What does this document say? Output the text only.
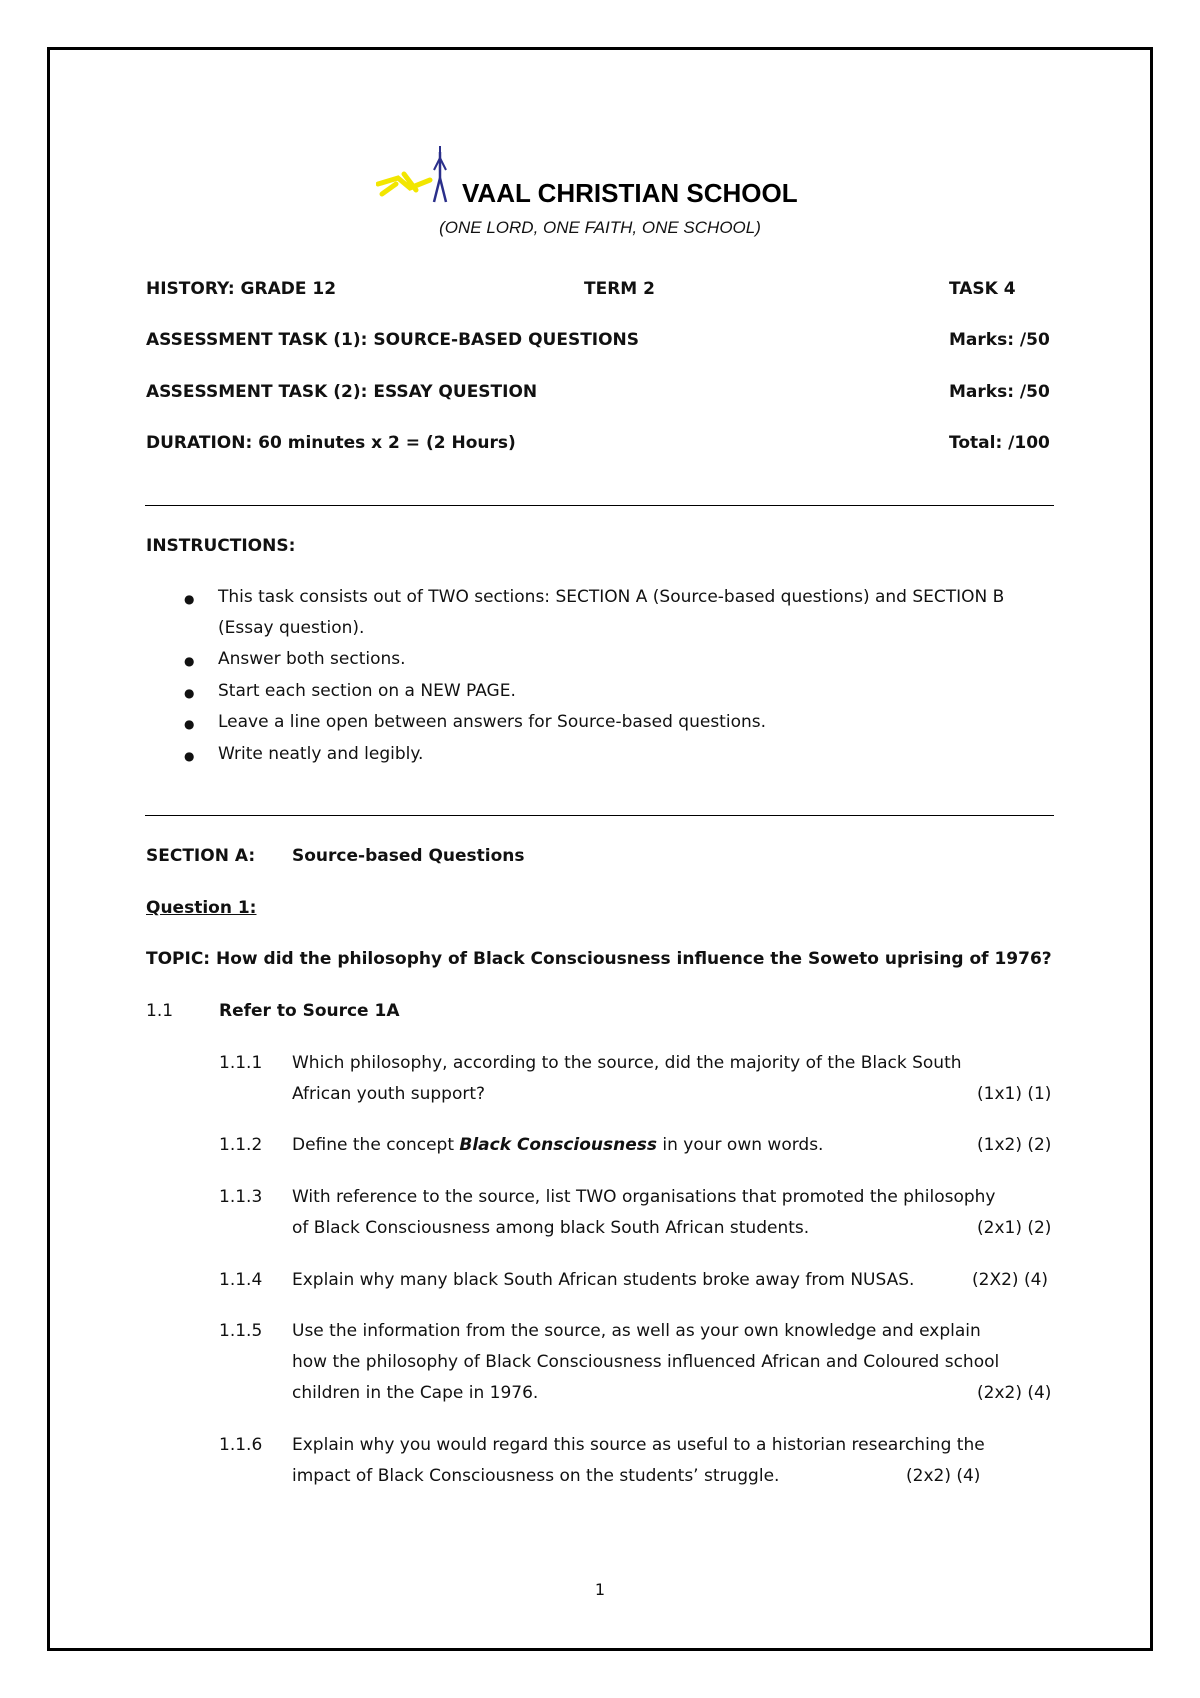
VAAL CHRISTIAN SCHOOL
(ONE LORD, ONE FAITH, ONE SCHOOL)
HISTORY: GRADE 12	TERM 2	TASK 4
ASSESSMENT TASK (1): SOURCE-BASED QUESTIONS	Marks: /50
ASSESSMENT TASK (2): ESSAY QUESTION	Marks: /50
DURATION: 60 minutes x 2 = (2 Hours)	Total: /100
INSTRUCTIONS:
● This task consists out of TWO sections: SECTION A (Source-based questions) and SECTION B
(Essay question).
● Answer both sections.
● Start each section on a NEW PAGE.
● Leave a line open between answers for Source-based questions.
● Write neatly and legibly.
SECTION A: Source-based Questions
Question 1:
TOPIC: How did the philosophy of Black Consciousness influence the Soweto uprising of 1976?
1.1	Refer to Source 1A
1.1.1 Which philosophy, according to the source, did the majority of the Black South
African youth support?	(1x1) (1)
1.1.2 Define the concept Black Consciousness in your own words.	(1x2) (2)
1.1.3 With reference to the source, list TWO organisations that promoted the philosophy
of Black Consciousness among black South African students.	(2x1) (2)
1.1.4 Explain why many black South African students broke away from NUSAS.	(2X2) (4)
1.1.5 Use the information from the source, as well as your own knowledge and explain
how the philosophy of Black Consciousness influenced African and Coloured school
children in the Cape in 1976.	(2x2) (4)
1.1.6 Explain why you would regard this source as useful to a historian researching the
impact of Black Consciousness on the students’ struggle.	(2x2) (4)
1
